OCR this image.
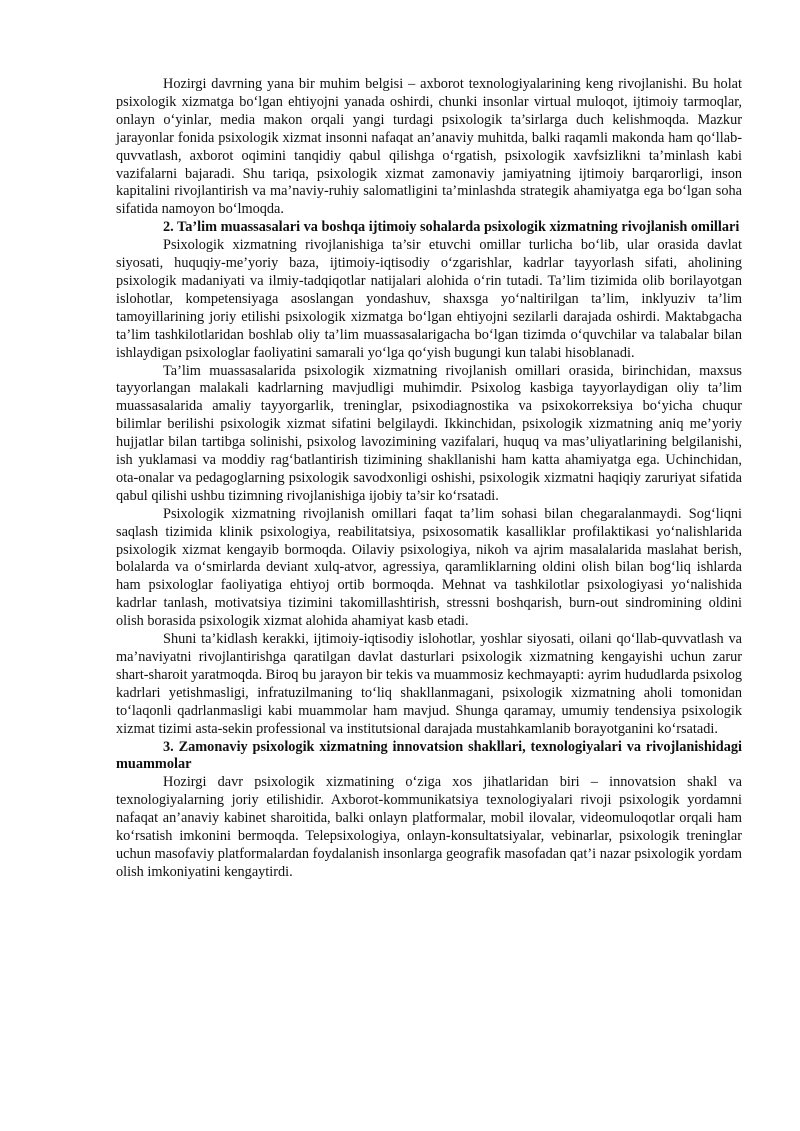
Hozirgi davrning yana bir muhim belgisi – axborot texnologiyalarining keng rivojlanishi. Bu holat psixologik xizmatga bo‘lgan ehtiyojni yanada oshirdi, chunki insonlar virtual muloqot, ijtimoiy tarmoqlar, onlayn o‘yinlar, media makon orqali yangi turdagi psixologik ta’sirlarga duch kelishmoqda. Mazkur jarayonlar fonida psixologik xizmat insonni nafaqat an’anaviy muhitda, balki raqamli makonda ham qo‘llab-quvvatlash, axborot oqimini tanqidiy qabul qilishga o‘rgatish, psixologik xavfsizlikni ta’minlash kabi vazifalarni bajaradi. Shu tariqa, psixologik xizmat zamonaviy jamiyatning ijtimoiy barqarorligi, inson kapitalini rivojlantirish va ma’naviy-ruhiy salomatligini ta’minlashda strategik ahamiyatga ega bo‘lgan soha sifatida namoyon bo‘lmoqda.

2. Ta’lim muassasalari va boshqa ijtimoiy sohalarda psixologik xizmatning rivojlanish omillari

Psixologik xizmatning rivojlanishiga ta’sir etuvchi omillar turlicha bo‘lib, ular orasida davlat siyosati, huquqiy-me’yoriy baza, ijtimoiy-iqtisodiy o‘zgarishlar, kadrlar tayyorlash sifati, aholining psixologik madaniyati va ilmiy-tadqiqotlar natijalari alohida o‘rin tutadi. Ta’lim tizimida olib borilayotgan islohotlar, kompetensiyaga asoslangan yondashuv, shaxsga yo‘naltirilgan ta’lim, inklyuziv ta’lim tamoyillarining joriy etilishi psixologik xizmatga bo‘lgan ehtiyojni sezilarli darajada oshirdi. Maktabgacha ta’lim tashkilotlaridan boshlab oliy ta’lim muassasalarigacha bo‘lgan tizimda o‘quvchilar va talabalar bilan ishlaydigan psixologlar faoliyatini samarali yo‘lga qo‘yish bugungi kun talabi hisoblanadi.

Ta’lim muassasalarida psixologik xizmatning rivojlanish omillari orasida, birinchidan, maxsus tayyorlangan malakali kadrlarning mavjudligi muhimdir. Psixolog kasbiga tayyorlaydigan oliy ta’lim muassasalarida amaliy tayyorgarlik, treninglar, psixodiagnostika va psixokorreksiya bo‘yicha chuqur bilimlar berilishi psixologik xizmat sifatini belgilaydi. Ikkinchidan, psixologik xizmatning aniq me’yoriy hujjatlar bilan tartibga solinishi, psixolog lavozimining vazifalari, huquq va mas’uliyatlarining belgilanishi, ish yuklamasi va moddiy rag‘batlantirish tizimining shakllanishi ham katta ahamiyatga ega. Uchinchidan, ota-onalar va pedagoglarning psixologik savodxonligi oshishi, psixologik xizmatni haqiqiy zaruriyat sifatida qabul qilishi ushbu tizimning rivojlanishiga ijobiy ta’sir ko‘rsatadi.

Psixologik xizmatning rivojlanish omillari faqat ta’lim sohasi bilan chegaralanmaydi. Sog‘liqni saqlash tizimida klinik psixologiya, reabilitatsiya, psixosomatik kasalliklar profilaktikasi yo‘nalishlarida psixologik xizmat kengayib bormoqda. Oilaviy psixologiya, nikoh va ajrim masalalarida maslahat berish, bolalarda va o‘smirlarda deviant xulq-atvor, agressiya, qaramliklarning oldini olish bilan bog‘liq ishlarda ham psixologlar faoliyatiga ehtiyoj ortib bormoqda. Mehnat va tashkilotlar psixologiyasi yo‘nalishida kadrlar tanlash, motivatsiya tizimini takomillashtirish, stressni boshqarish, burn-out sindromining oldini olish borasida psixologik xizmat alohida ahamiyat kasb etadi.

Shuni ta’kidlash kerakki, ijtimoiy-iqtisodiy islohotlar, yoshlar siyosati, oilani qo‘llab-quvvatlash va ma’naviyatni rivojlantirishga qaratilgan davlat dasturlari psixologik xizmatning kengayishi uchun zarur shart-sharoit yaratmoqda. Biroq bu jarayon bir tekis va muammosiz kechmayapti: ayrim hududlarda psixolog kadrlari yetishmasligi, infratuzilmaning to‘liq shakllanmagani, psixologik xizmatning aholi tomonidan to‘laqonli qadrlanmasligi kabi muammolar ham mavjud. Shunga qaramay, umumiy tendensiya psixologik xizmat tizimi asta-sekin professional va institutsional darajada mustahkamlanib borayotganini ko‘rsatadi.

3. Zamonaviy psixologik xizmatning innovatsion shakllari, texnologiyalari va rivojlanishidagi muammolar

Hozirgi davr psixologik xizmatining o‘ziga xos jihatlaridan biri – innovatsion shakl va texnologiyalarning joriy etilishidir. Axborot-kommunikatsiya texnologiyalari rivoji psixologik yordamni nafaqat an’anaviy kabinet sharoitida, balki onlayn platformalar, mobil ilovalar, videomuloqotlar orqali ham ko‘rsatish imkonini bermoqda. Telepsixologiya, onlayn-konsultatsiyalar, vebinarlar, psixologik treninglar uchun masofaviy platformalardan foydalanish insonlarga geografik masofadan qat’i nazar psixologik yordam olish imkoniyatini kengaytirdi.
